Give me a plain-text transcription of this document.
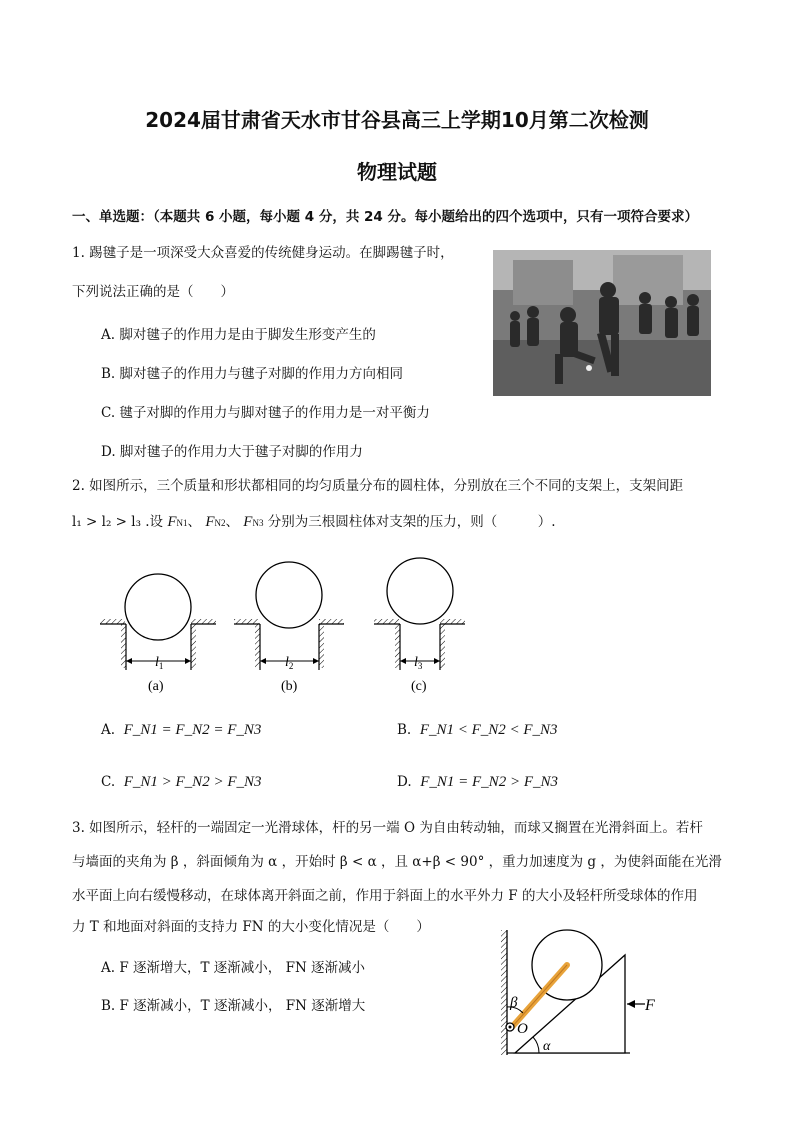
2024届甘肃省天水市甘谷县高三上学期10月第二次检测
物理试题
一、单选题：（本题共 6 小题，每小题 4 分，共 24 分。每小题给出的四个选项中，只有一项符合要求）
1. 踢毽子是一项深受大众喜爱的传统健身运动。在脚踢毽子时，
下列说法正确的是（　　）
A. 脚对毽子的作用力是由于脚发生形变产生的
B. 脚对毽子的作用力与毽子对脚的作用力方向相同
C. 毽子对脚的作用力与脚对毽子的作用力是一对平衡力
D. 脚对毽子的作用力大于毽子对脚的作用力
2. 如图所示，三个质量和形状都相同的均匀质量分布的圆柱体，分别放在三个不同的支架上，支架间距
l₁ > l₂ > l₃ .设 FN1、 FN2、 FN3 分别为三根圆柱体对支架的压力，则（　　　）.
$l_1$
(a)
$l_2$
(b)
$l_3$
(c)
A. F_N1 = F_N2 = F_N3	B. F_N1 < F_N2 < F_N3
C. F_N1 > F_N2 > F_N3	D. F_N1 = F_N2 > F_N3
3. 如图所示，轻杆的一端固定一光滑球体，杆的另一端 O 为自由转动轴，而球又搁置在光滑斜面上。若杆
与墙面的夹角为 β ，斜面倾角为 α ，开始时 β < α ，且 α+β < 90° ，重力加速度为 g ，为使斜面能在光滑
水平面上向右缓慢移动，在球体离开斜面之前，作用于斜面上的水平外力 F 的大小及轻杆所受球体的作用
力 T 和地面对斜面的支持力 FN 的大小变化情况是（　　）
A. F 逐渐增大，T 逐渐减小， FN 逐渐减小
B. F 逐渐减小，T 逐渐减小， FN 逐渐增大	β
O
α
F
